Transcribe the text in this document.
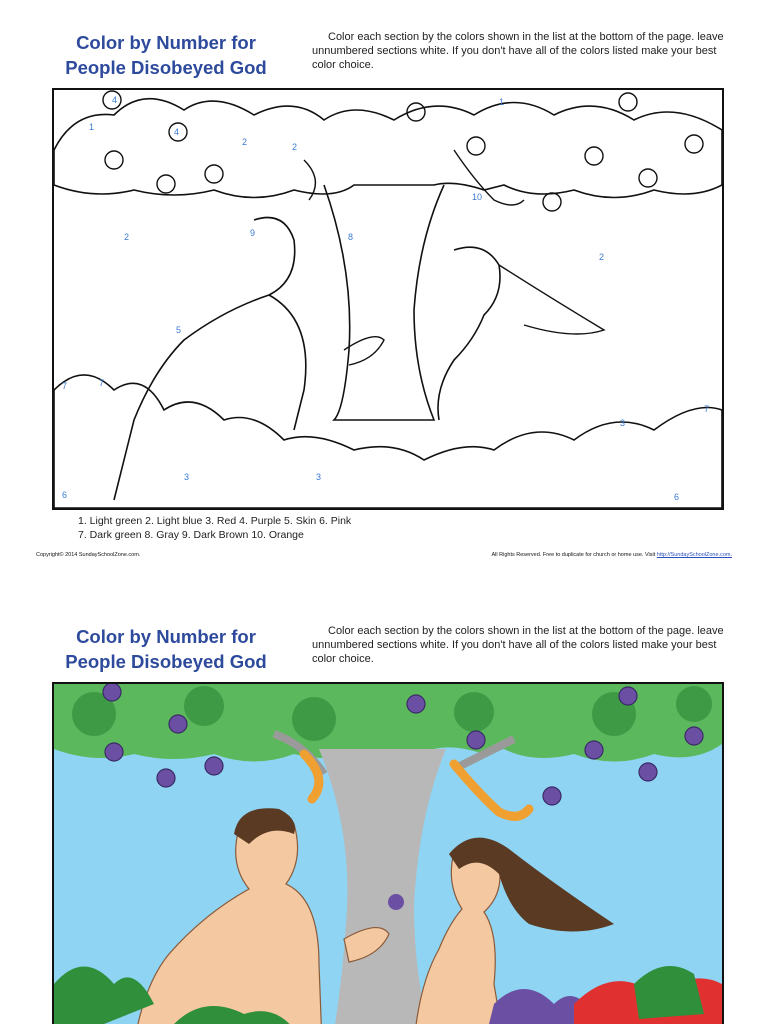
Color by Number for
People Disobeyed God

Color each section by the colors shown in the list at the bottom of the page. leave unnumbered sections white. If you don't have all of the colors listed make your best color choice.

4
1	4
2	2
1
2	8
2
5
7	7
3	3
3
6	6
7
9
10
1. Light green 2. Light blue 3. Red 4. Purple 5. Skin 6. Pink
7. Dark green 8. Gray 9. Dark Brown 10. Orange
Copyright© 2014 SundaySchoolZone.com.	All Rights Reserved. Free to duplicate for church or home use. Visit http://SundaySchoolZone.com.
Color by Number for
People Disobeyed God

Color each section by the colors shown in the list at the bottom of the page. leave unnumbered sections white. If you don't have all of the colors listed make your best color choice.
